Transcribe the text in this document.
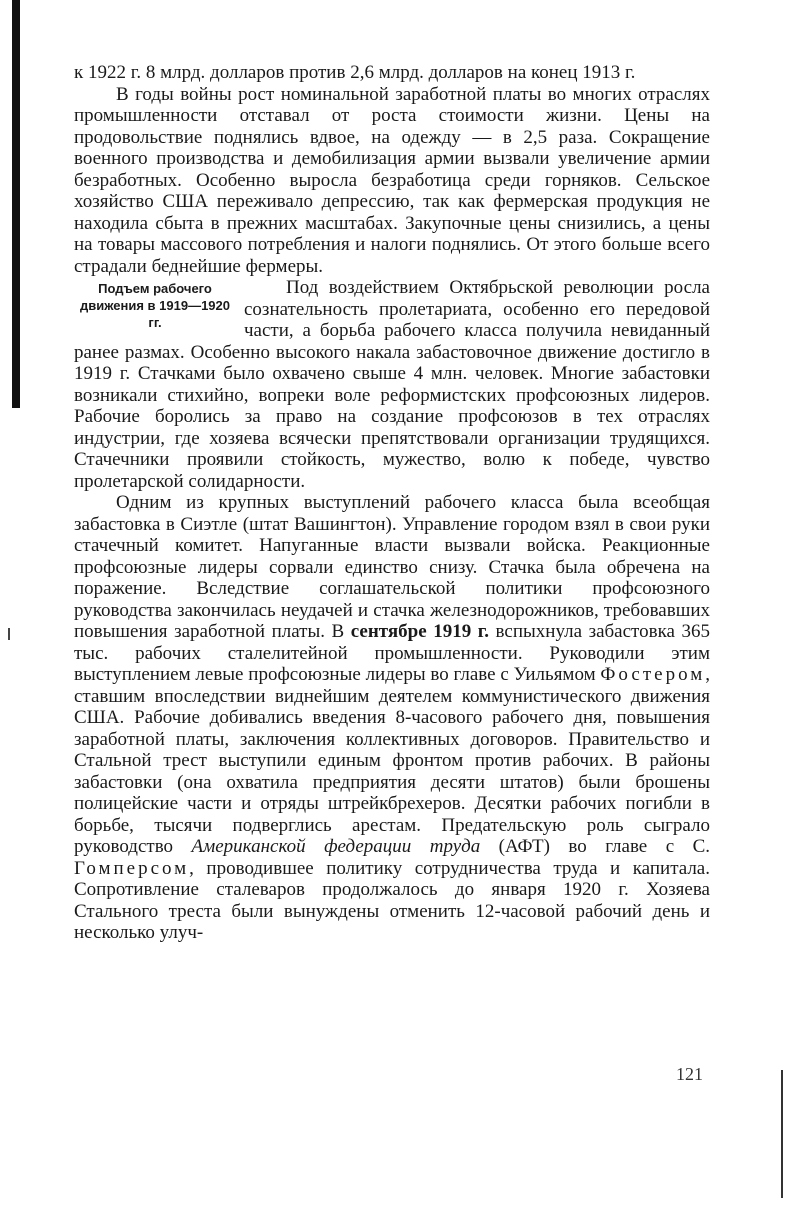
к 1922 г. 8 млрд. долларов против 2,6 млрд. долларов на конец 1913 г.

В годы войны рост номинальной заработной платы во многих отраслях промышленности отставал от роста стоимости жизни. Цены на продовольствие поднялись вдвое, на одежду — в 2,5 раза. Сокращение военного производства и демобилизация армии вызвали увеличение армии безработных. Особенно выросла безработица среди горняков. Сельское хозяйство США переживало депрессию, так как фермерская продукция не находила сбыта в прежних масштабах. Закупочные цены снизились, а цены на товары массового потребления и налоги поднялись. От этого больше всего страдали беднейшие фермеры.

Подъем рабочего движения в 1919—1920 гг.

Под воздействием Октябрьской революции росла сознательность пролетариата, особенно его передовой части, а борьба рабочего класса получила невиданный ранее размах. Особенно высокого накала забастовочное движение достигло в 1919 г. Стачками было охвачено свыше 4 млн. человек. Многие забастовки возникали стихийно, вопреки воле реформистских профсоюзных лидеров. Рабочие боролись за право на создание профсоюзов в тех отраслях индустрии, где хозяева всячески препятствовали организации трудящихся. Стачечники проявили стойкость, мужество, волю к победе, чувство пролетарской солидарности.

Одним из крупных выступлений рабочего класса была всеобщая забастовка в Сиэтле (штат Вашингтон). Управление городом взял в свои руки стачечный комитет. Напуганные власти вызвали войска. Реакционные профсоюзные лидеры сорвали единство снизу. Стачка была обречена на поражение. Вследствие соглашательской политики профсоюзного руководства закончилась неудачей и стачка железнодорожников, требовавших повышения заработной платы. В сентябре 1919 г. вспыхнула забастовка 365 тыс. рабочих сталелитейной промышленности. Руководили этим выступлением левые профсоюзные лидеры во главе с Уильямом Фостером, ставшим впоследствии виднейшим деятелем коммунистического движения США. Рабочие добивались введения 8-часового рабочего дня, повышения заработной платы, заключения коллективных договоров. Правительство и Стальной трест выступили единым фронтом против рабочих. В районы забастовки (она охватила предприятия десяти штатов) были брошены полицейские части и отряды штрейкбрехеров. Десятки рабочих погибли в борьбе, тысячи подверглись арестам. Предательскую роль сыграло руководство Американской федерации труда (АФТ) во главе с С. Гомперсом, проводившее политику сотрудничества труда и капитала. Сопротивление сталеваров продолжалось до января 1920 г. Хозяева Стального треста были вынуждены отменить 12-часовой рабочий день и несколько улуч-

121
